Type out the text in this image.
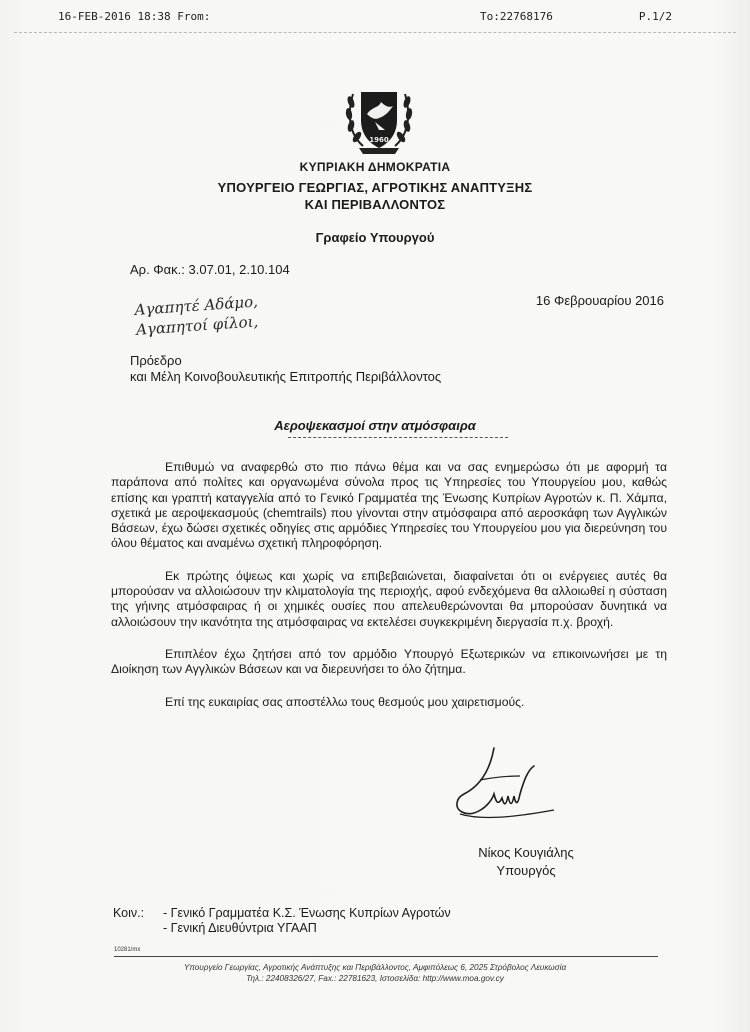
16-FEB-2016 18:38 From:	To:22768176	P.1/2
1960
ΚΥΠΡΙΑΚΗ ΔΗΜΟΚΡΑΤΙΑ
ΥΠΟΥΡΓΕΙΟ ΓΕΩΡΓΙΑΣ, ΑΓΡΟΤΙΚΗΣ ΑΝΑΠΤΥΞΗΣ
ΚΑΙ ΠΕΡΙΒΑΛΛΟΝΤΟΣ
Γραφείο Υπουργού
Αρ. Φακ.: 3.07.01, 2.10.104
16 Φεβρουαρίου 2016
Αγαπητέ Αδάμο,
Αγαπητοί φίλοι,
Πρόεδρο
και Μέλη Κοινοβουλευτικής Επιτροπής Περιβάλλοντος
Αεροψεκασμοί στην ατμόσφαιρα

Επιθυμώ να αναφερθώ στο πιο πάνω θέμα και να σας ενημερώσω ότι με αφορμή τα παράπονα από πολίτες και οργανωμένα σύνολα προς τις Υπηρεσίες του Υπουργείου μου, καθώς επίσης και γραπτή καταγγελία από το Γενικό Γραμματέα της Ένωσης Κυπρίων Αγροτών κ. Π. Χάμπα, σχετικά με αεροψεκασμούς (chemtrails) που γίνονται στην ατμόσφαιρα από αεροσκάφη των Αγγλικών Βάσεων, έχω δώσει σχετικές οδηγίες στις αρμόδιες Υπηρεσίες του Υπουργείου μου για διερεύνηση του όλου θέματος και αναμένω σχετική πληροφόρηση.

Εκ πρώτης όψεως και χωρίς να επιβεβαιώνεται, διαφαίνεται ότι οι ενέργειες αυτές θα μπορούσαν να αλλοιώσουν την κλιματολογία της περιοχής, αφού ενδεχόμενα θα αλλοιωθεί η σύσταση της γήινης ατμόσφαιρας ή οι χημικές ουσίες που απελευθερώνονται θα μπορούσαν δυνητικά να αλλοιώσουν την ικανότητα της ατμόσφαιρας να εκτελέσει συγκεκριμένη διεργασία π.χ. βροχή.

Επιπλέον έχω ζητήσει από τον αρμόδιο Υπουργό Εξωτερικών να επικοινωνήσει με τη Διοίκηση των Αγγλικών Βάσεων και να διερευνήσει το όλο ζήτημα.

Επί της ευκαιρίας σας αποστέλλω τους θεσμούς μου χαιρετισμούς.

Νίκος Κουγιάλης
Υπουργός
Κοιν.:	- Γενικό Γραμματέα Κ.Σ. Ένωσης Κυπρίων Αγροτών
- Γενική Διευθύντρια ΥΓΑΑΠ
10281/mx
Υπουργείο Γεωργίας, Αγροτικής Ανάπτυξης και Περιβάλλοντος, Αμφιπόλεως 6, 2025 Στρόβολος Λευκωσία
Τηλ.: 22408326/27, Fax.: 22781623, Ιστοσελίδα: http://www.moa.gov.cy
